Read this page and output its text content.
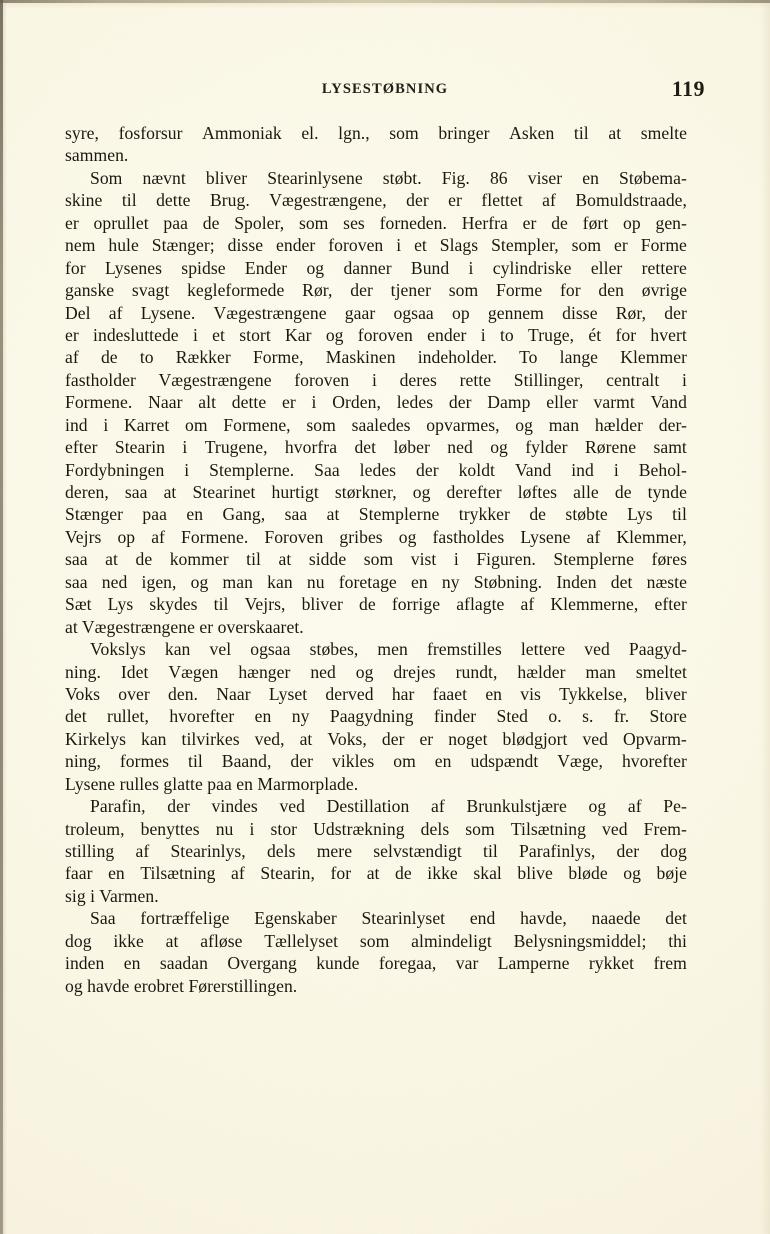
LYSESTØBNING	119
syre, fosforsur Ammoniak el. lgn., som bringer Asken til at smelte
sammen.
Som nævnt bliver Stearinlysene støbt. Fig. 86 viser en Støbema-
skine til dette Brug. Vægestrængene, der er flettet af Bomuldstraade,
er oprullet paa de Spoler, som ses forneden. Herfra er de ført op gen-
nem hule Stænger; disse ender foroven i et Slags Stempler, som er Forme
for Lysenes spidse Ender og danner Bund i cylindriske eller rettere
ganske svagt kegleformede Rør, der tjener som Forme for den øvrige
Del af Lysene. Vægestrængene gaar ogsaa op gennem disse Rør, der
er indesluttede i et stort Kar og foroven ender i to Truge, ét for hvert
af de to Rækker Forme, Maskinen indeholder. To lange Klemmer
fastholder Vægestrængene foroven i deres rette Stillinger, centralt i
Formene. Naar alt dette er i Orden, ledes der Damp eller varmt Vand
ind i Karret om Formene, som saaledes opvarmes, og man hælder der-
efter Stearin i Trugene, hvorfra det løber ned og fylder Rørene samt
Fordybningen i Stemplerne. Saa ledes der koldt Vand ind i Behol-
deren, saa at Stearinet hurtigt størkner, og derefter løftes alle de tynde
Stænger paa en Gang, saa at Stemplerne trykker de støbte Lys til
Vejrs op af Formene. Foroven gribes og fastholdes Lysene af Klemmer,
saa at de kommer til at sidde som vist i Figuren. Stemplerne føres
saa ned igen, og man kan nu foretage en ny Støbning. Inden det næste
Sæt Lys skydes til Vejrs, bliver de forrige aflagte af Klemmerne, efter
at Vægestrængene er overskaaret.
Vokslys kan vel ogsaa støbes, men fremstilles lettere ved Paagyd-
ning. Idet Vægen hænger ned og drejes rundt, hælder man smeltet
Voks over den. Naar Lyset derved har faaet en vis Tykkelse, bliver
det rullet, hvorefter en ny Paagydning finder Sted o. s. fr. Store
Kirkelys kan tilvirkes ved, at Voks, der er noget blødgjort ved Opvarm-
ning, formes til Baand, der vikles om en udspændt Væge, hvorefter
Lysene rulles glatte paa en Marmorplade.
Parafin, der vindes ved Destillation af Brunkulstjære og af Pe-
troleum, benyttes nu i stor Udstrækning dels som Tilsætning ved Frem-
stilling af Stearinlys, dels mere selvstændigt til Parafinlys, der dog
faar en Tilsætning af Stearin, for at de ikke skal blive bløde og bøje
sig i Varmen.
Saa fortræffelige Egenskaber Stearinlyset end havde, naaede det
dog ikke at afløse Tællelyset som almindeligt Belysningsmiddel; thi
inden en saadan Overgang kunde foregaa, var Lamperne rykket frem
og havde erobret Førerstillingen.
